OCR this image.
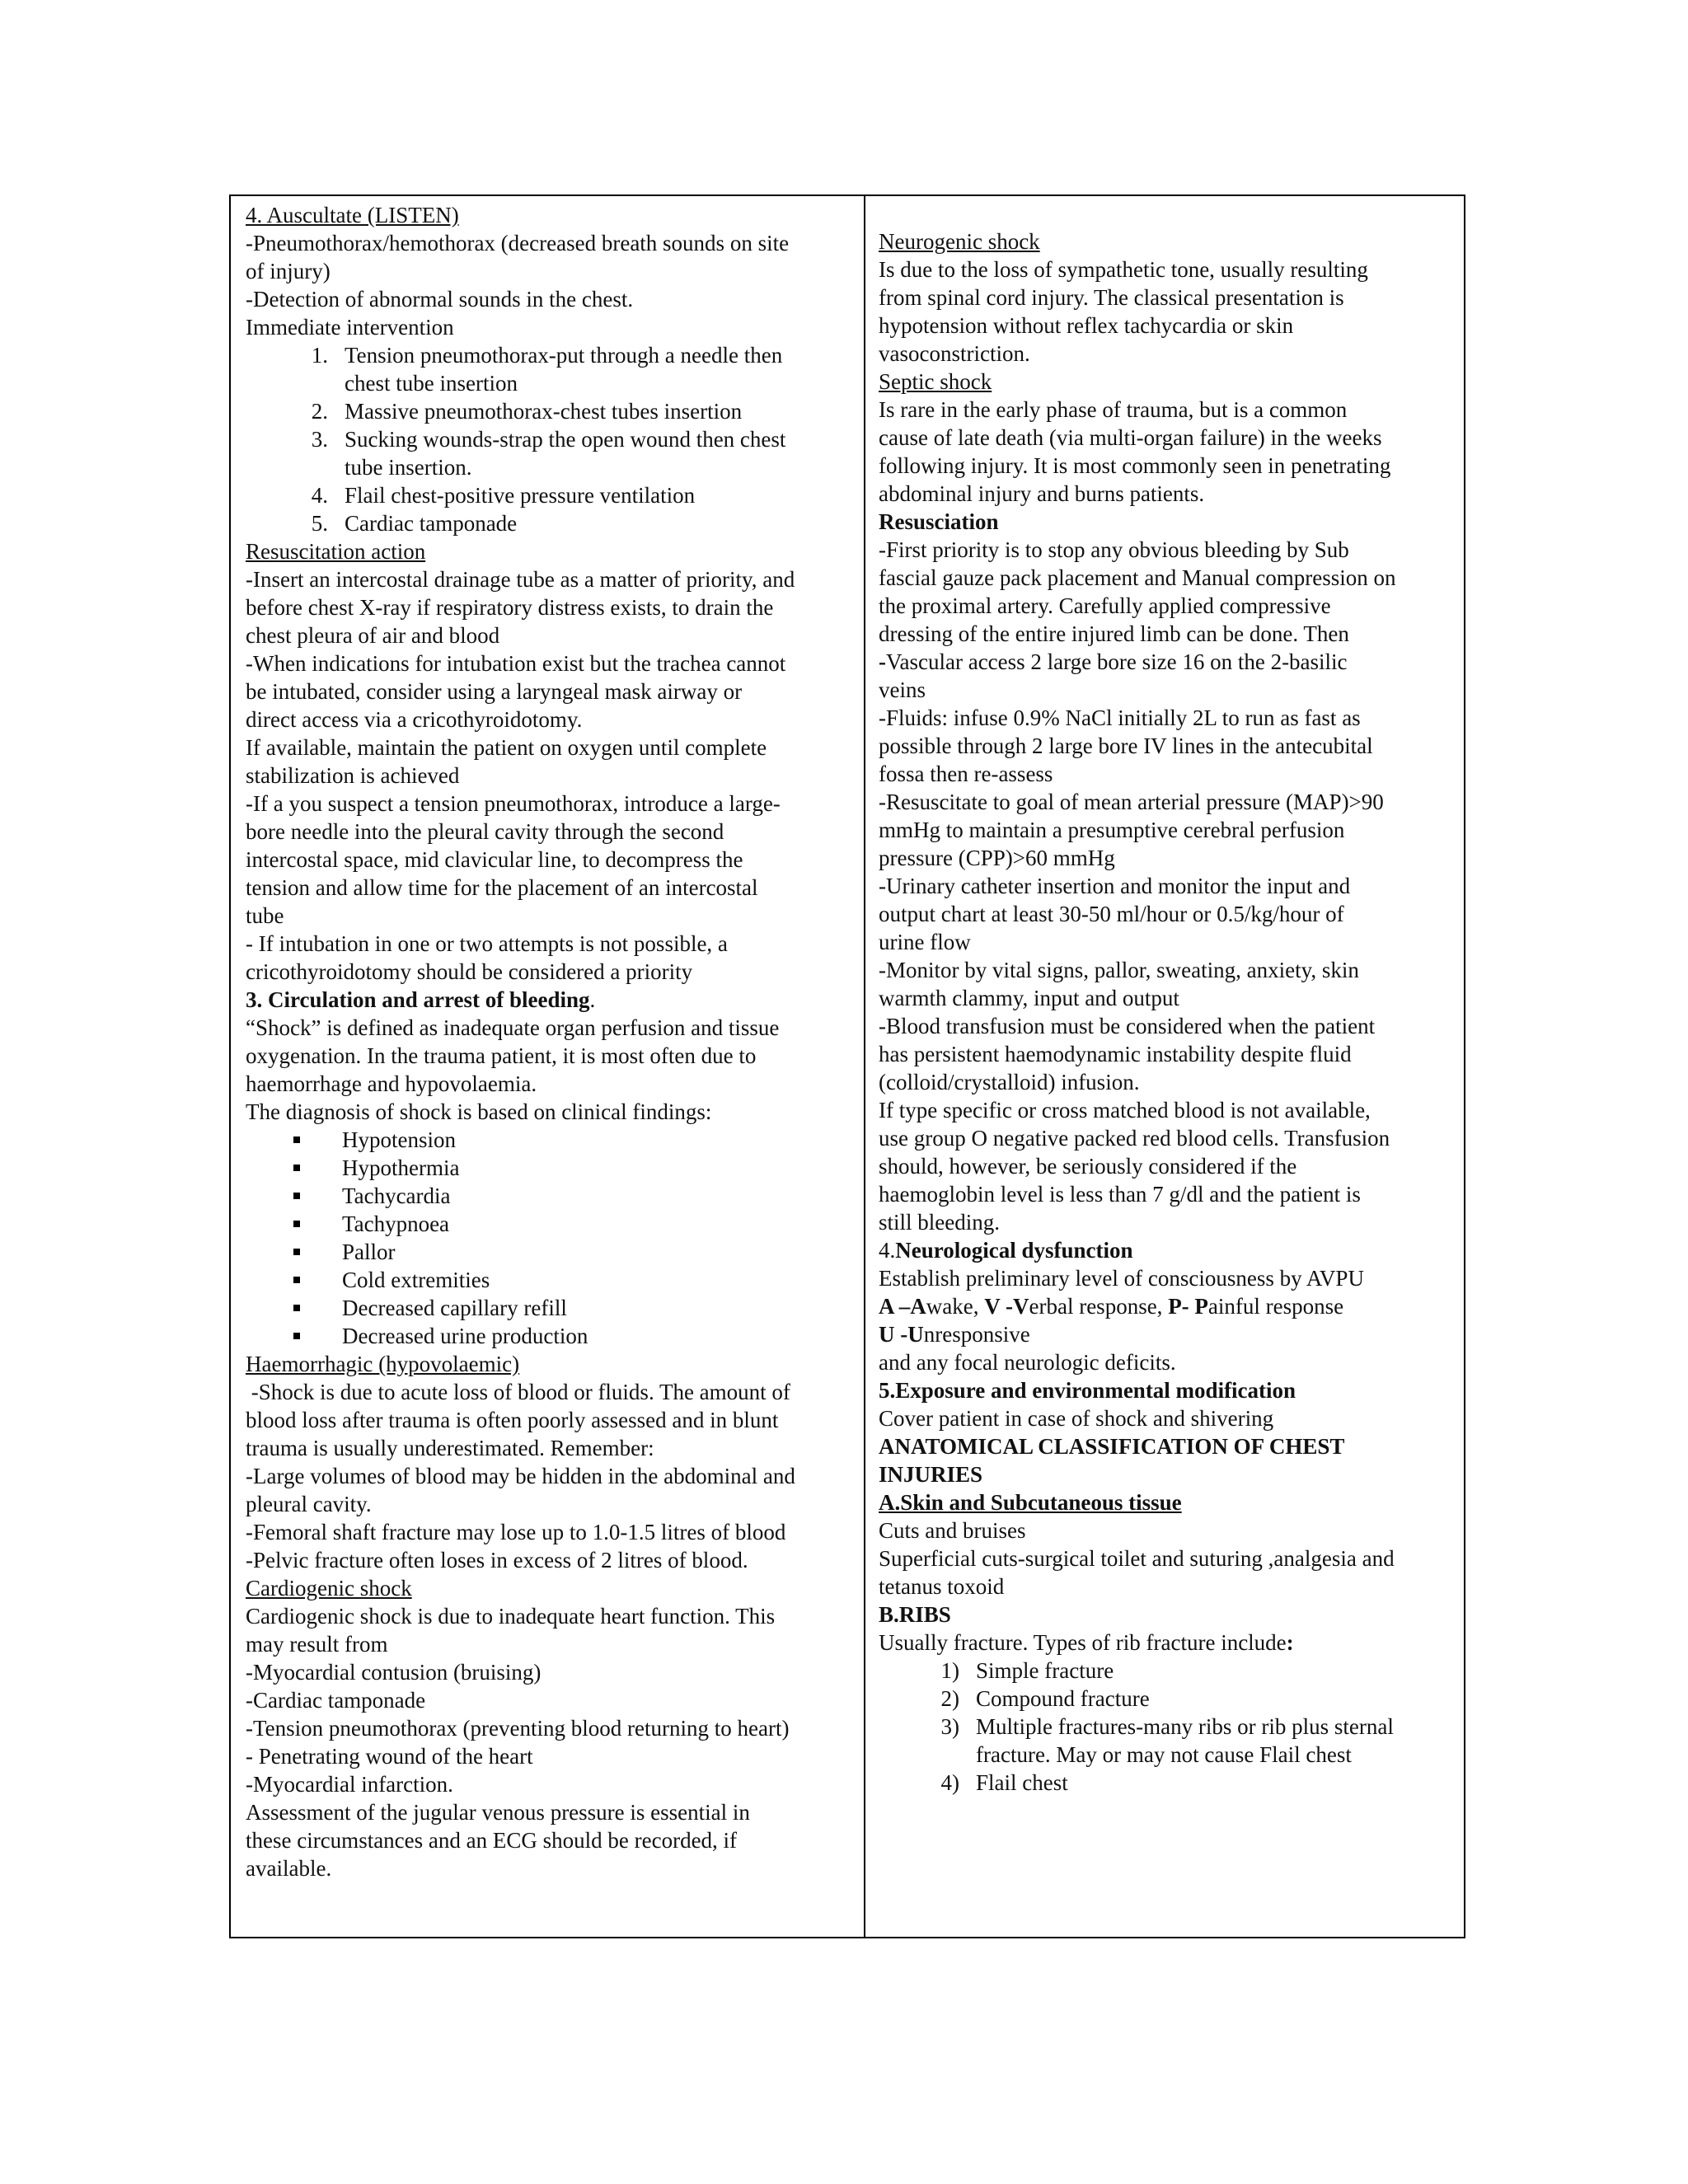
4. Auscultate (LISTEN)
-Pneumothorax/hemothorax (decreased breath sounds on site
of injury)
-Detection of abnormal sounds in the chest.
Immediate intervention
1. Tension pneumothorax-put through a needle then
chest tube insertion
2. Massive pneumothorax-chest tubes insertion
3. Sucking wounds-strap the open wound then chest
tube insertion.
4. Flail chest-positive pressure ventilation
5. Cardiac tamponade
Resuscitation action
-Insert an intercostal drainage tube as a matter of priority, and
before chest X-ray if respiratory distress exists, to drain the
chest pleura of air and blood
-When indications for intubation exist but the trachea cannot
be intubated, consider using a laryngeal mask airway or
direct access via a cricothyroidotomy.
If available, maintain the patient on oxygen until complete
stabilization is achieved
-If a you suspect a tension pneumothorax, introduce a large-
bore needle into the pleural cavity through the second
intercostal space, mid clavicular line, to decompress the
tension and allow time for the placement of an intercostal
tube
- If intubation in one or two attempts is not possible, a
cricothyroidotomy should be considered a priority
3. Circulation and arrest of bleeding.
“Shock” is defined as inadequate organ perfusion and tissue
oxygenation. In the trauma patient, it is most often due to
haemorrhage and hypovolaemia.
The diagnosis of shock is based on clinical findings:
Hypotension
Hypothermia
Tachycardia
Tachypnoea
Pallor
Cold extremities
Decreased capillary refill
Decreased urine production
Haemorrhagic (hypovolaemic)
-Shock is due to acute loss of blood or fluids. The amount of
blood loss after trauma is often poorly assessed and in blunt
trauma is usually underestimated. Remember:
-Large volumes of blood may be hidden in the abdominal and
pleural cavity.
-Femoral shaft fracture may lose up to 1.0-1.5 litres of blood
-Pelvic fracture often loses in excess of 2 litres of blood.
Cardiogenic shock
Cardiogenic shock is due to inadequate heart function. This
may result from
-Myocardial contusion (bruising)
-Cardiac tamponade
-Tension pneumothorax (preventing blood returning to heart)
- Penetrating wound of the heart
-Myocardial infarction.
Assessment of the jugular venous pressure is essential in
these circumstances and an ECG should be recorded, if
available.
Neurogenic shock
Is due to the loss of sympathetic tone, usually resulting
from spinal cord injury. The classical presentation is
hypotension without reflex tachycardia or skin
vasoconstriction.
Septic shock
Is rare in the early phase of trauma, but is a common
cause of late death (via multi-organ failure) in the weeks
following injury. It is most commonly seen in penetrating
abdominal injury and burns patients.
Resusciation
-First priority is to stop any obvious bleeding by Sub
fascial gauze pack placement and Manual compression on
the proximal artery. Carefully applied compressive
dressing of the entire injured limb can be done. Then
-Vascular access 2 large bore size 16 on the 2-basilic
veins
-Fluids: infuse 0.9% NaCl initially 2L to run as fast as
possible through 2 large bore IV lines in the antecubital
fossa then re-assess
-Resuscitate to goal of mean arterial pressure (MAP)>90
mmHg to maintain a presumptive cerebral perfusion
pressure (CPP)>60 mmHg
-Urinary catheter insertion and monitor the input and
output chart at least 30-50 ml/hour or 0.5/kg/hour of
urine flow
-Monitor by vital signs, pallor, sweating, anxiety, skin
warmth clammy, input and output
-Blood transfusion must be considered when the patient
has persistent haemodynamic instability despite fluid
(colloid/crystalloid) infusion.
If type specific or cross matched blood is not available,
use group O negative packed red blood cells. Transfusion
should, however, be seriously considered if the
haemoglobin level is less than 7 g/dl and the patient is
still bleeding.
4.Neurological dysfunction
Establish preliminary level of consciousness by AVPU
A –Awake, V -Verbal response, P- Painful response
U -Unresponsive
and any focal neurologic deficits.
5.Exposure and environmental modification
Cover patient in case of shock and shivering
ANATOMICAL CLASSIFICATION OF CHEST
INJURIES
A.Skin and Subcutaneous tissue
Cuts and bruises
Superficial cuts-surgical toilet and suturing ,analgesia and
tetanus toxoid
B.RIBS
Usually fracture. Types of rib fracture include:
1) Simple fracture
2) Compound fracture
3) Multiple fractures-many ribs or rib plus sternal
fracture. May or may not cause Flail chest
4) Flail chest
